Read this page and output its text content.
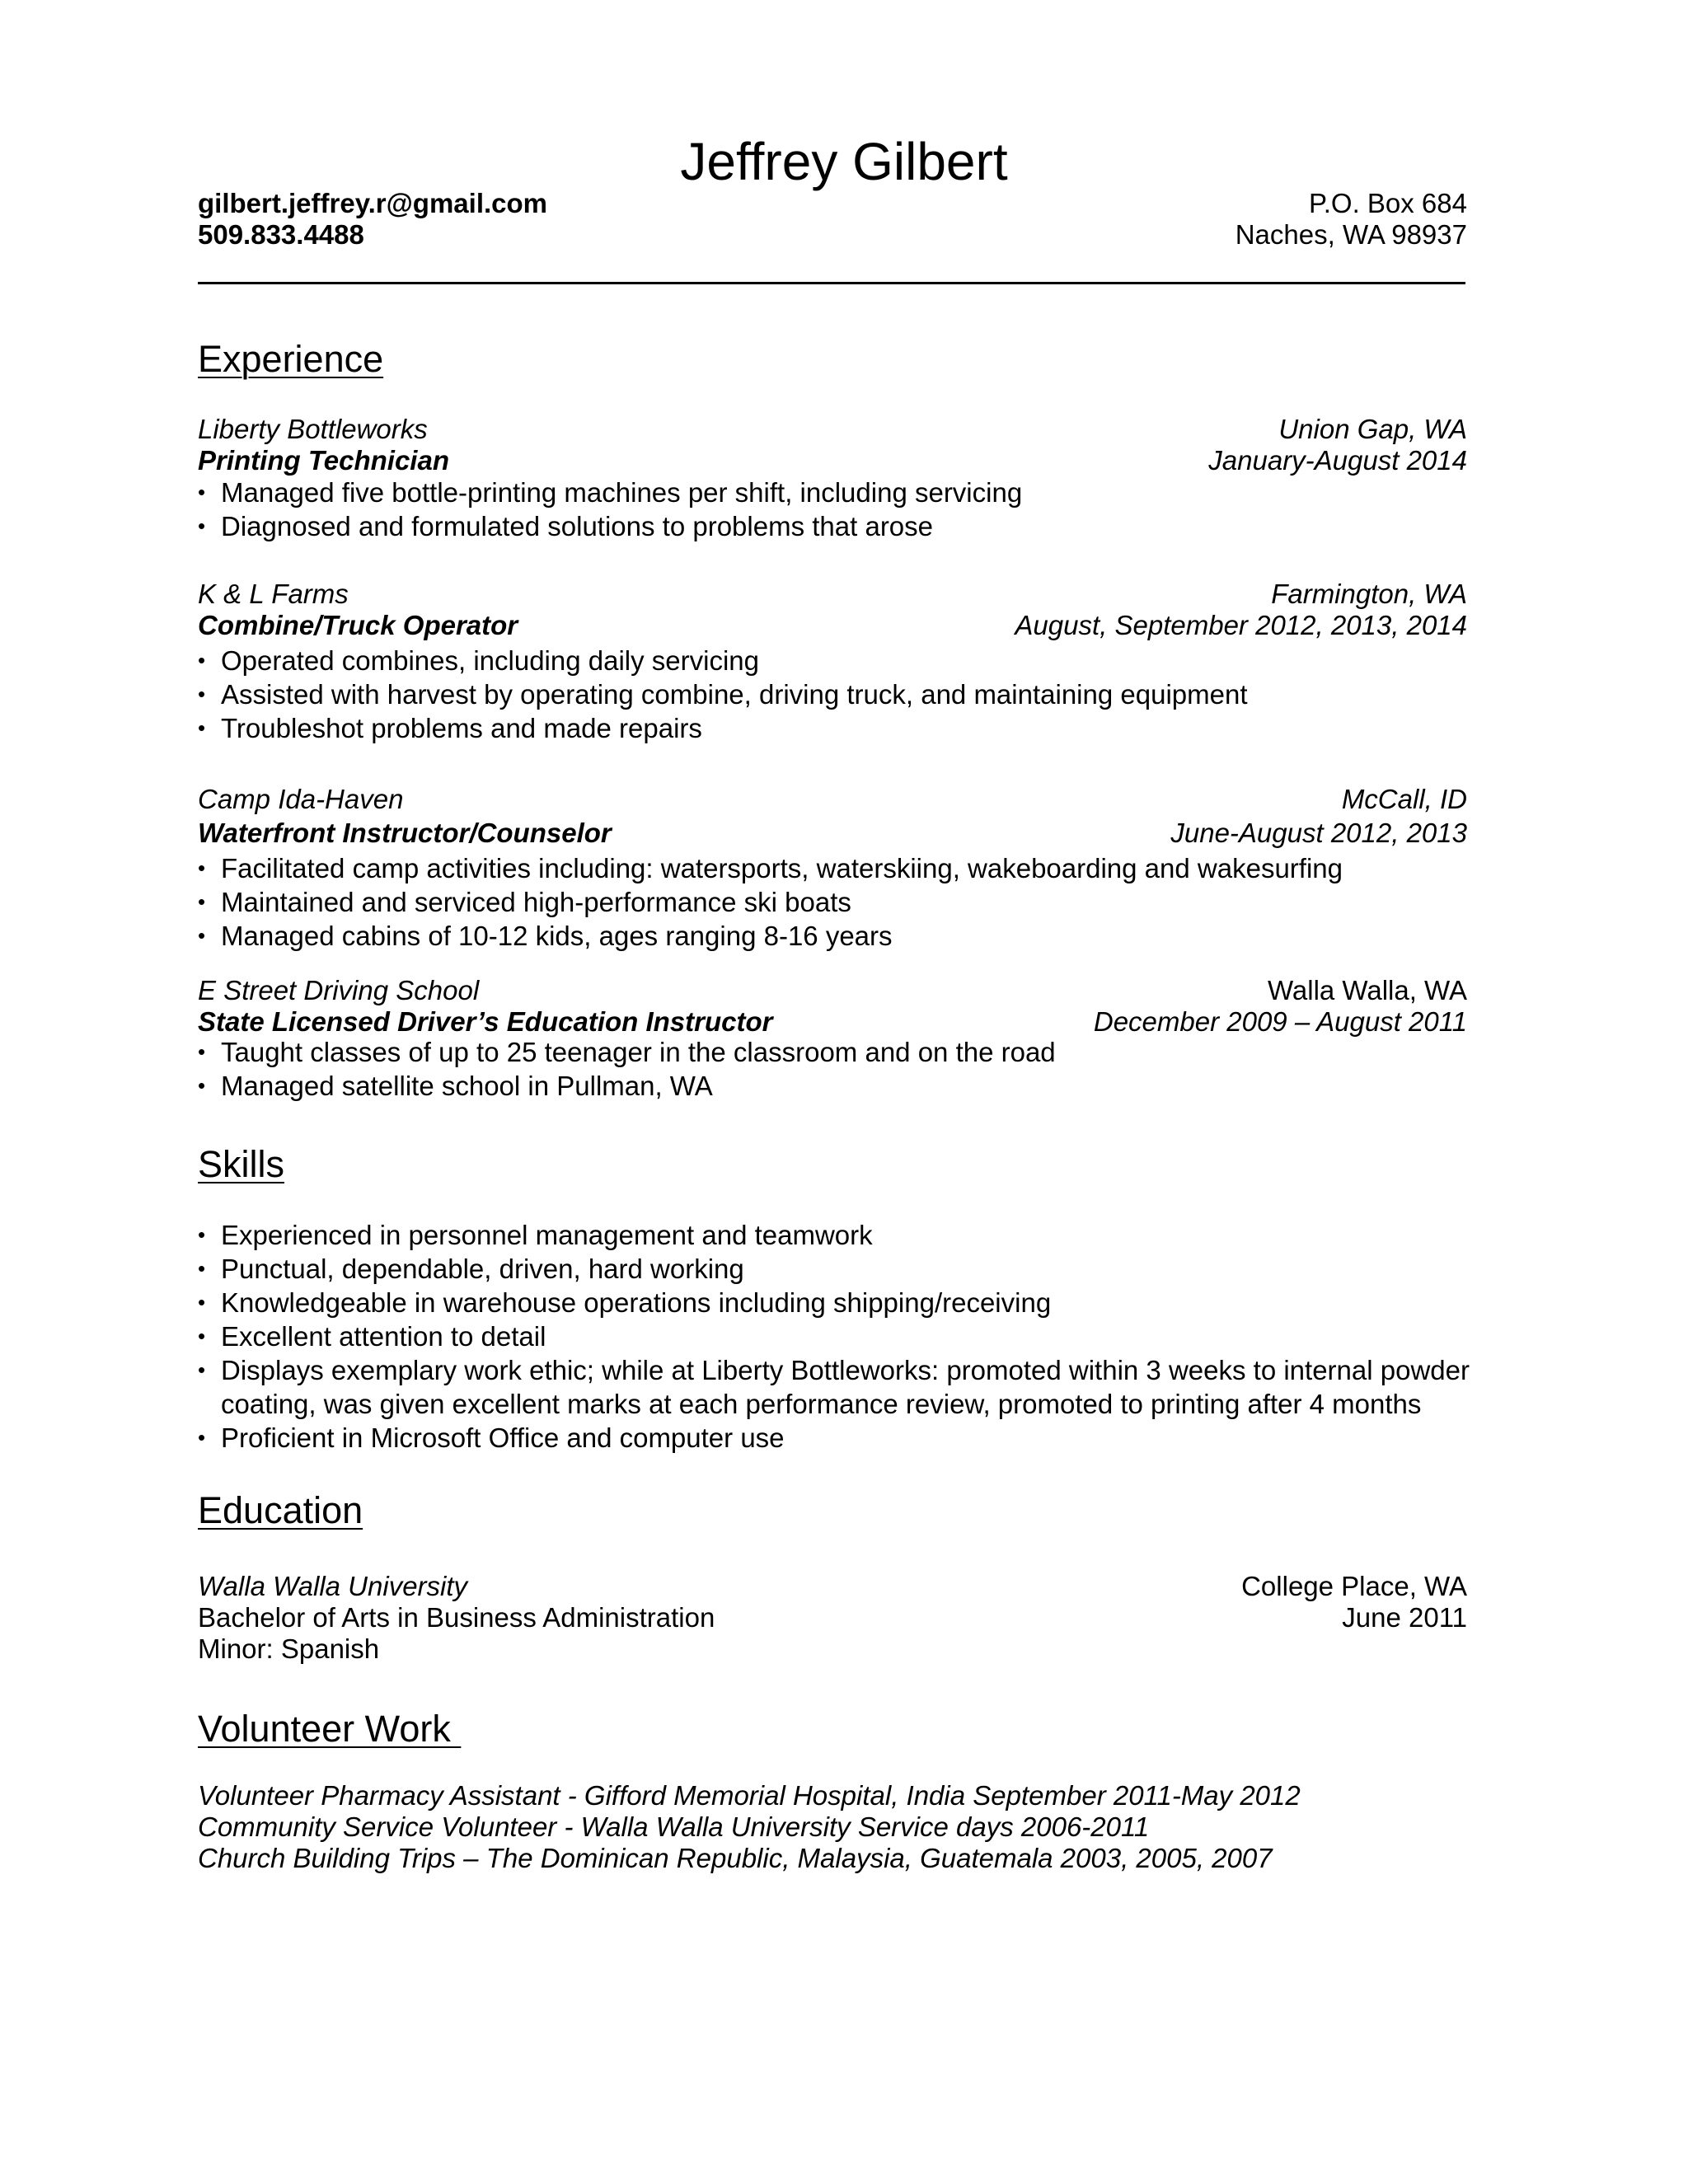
Jeffrey Gilbert
gilbert.jeffrey.r@gmail.com
509.833.4488
P.O. Box 684
Naches, WA 98937
Experience
Liberty Bottleworks	Union Gap, WA
Printing Technician	January-August 2014
• Managed five bottle-printing machines per shift, including servicing
• Diagnosed and formulated solutions to problems that arose
K & L Farms	Farmington, WA
Combine/Truck Operator	August, September 2012, 2013, 2014
• Operated combines, including daily servicing
• Assisted with harvest by operating combine, driving truck, and maintaining equipment
• Troubleshot problems and made repairs
Camp Ida-Haven	McCall, ID
Waterfront Instructor/Counselor	June-August 2012, 2013
• Facilitated camp activities including: watersports, waterskiing, wakeboarding and wakesurfing
• Maintained and serviced high-performance ski boats
• Managed cabins of 10-12 kids, ages ranging 8-16 years
E Street Driving School	Walla Walla, WA
State Licensed Driver’s Education Instructor	December 2009 – August 2011
• Taught classes of up to 25 teenager in the classroom and on the road
• Managed satellite school in Pullman, WA
Skills
• Experienced in personnel management and teamwork
• Punctual, dependable, driven, hard working
• Knowledgeable in warehouse operations including shipping/receiving
• Excellent attention to detail
• Displays exemplary work ethic; while at Liberty Bottleworks: promoted within 3 weeks to internal powder coating, was given excellent marks at each performance review, promoted to printing after 4 months
• Proficient in Microsoft Office and computer use
Education
Walla Walla University	College Place, WA
Bachelor of Arts in Business Administration	June 2011
Minor: Spanish
Volunteer Work
Volunteer Pharmacy Assistant - Gifford Memorial Hospital, India September 2011-May 2012
Community Service Volunteer - Walla Walla University Service days 2006-2011
Church Building Trips – The Dominican Republic, Malaysia, Guatemala 2003, 2005, 2007
